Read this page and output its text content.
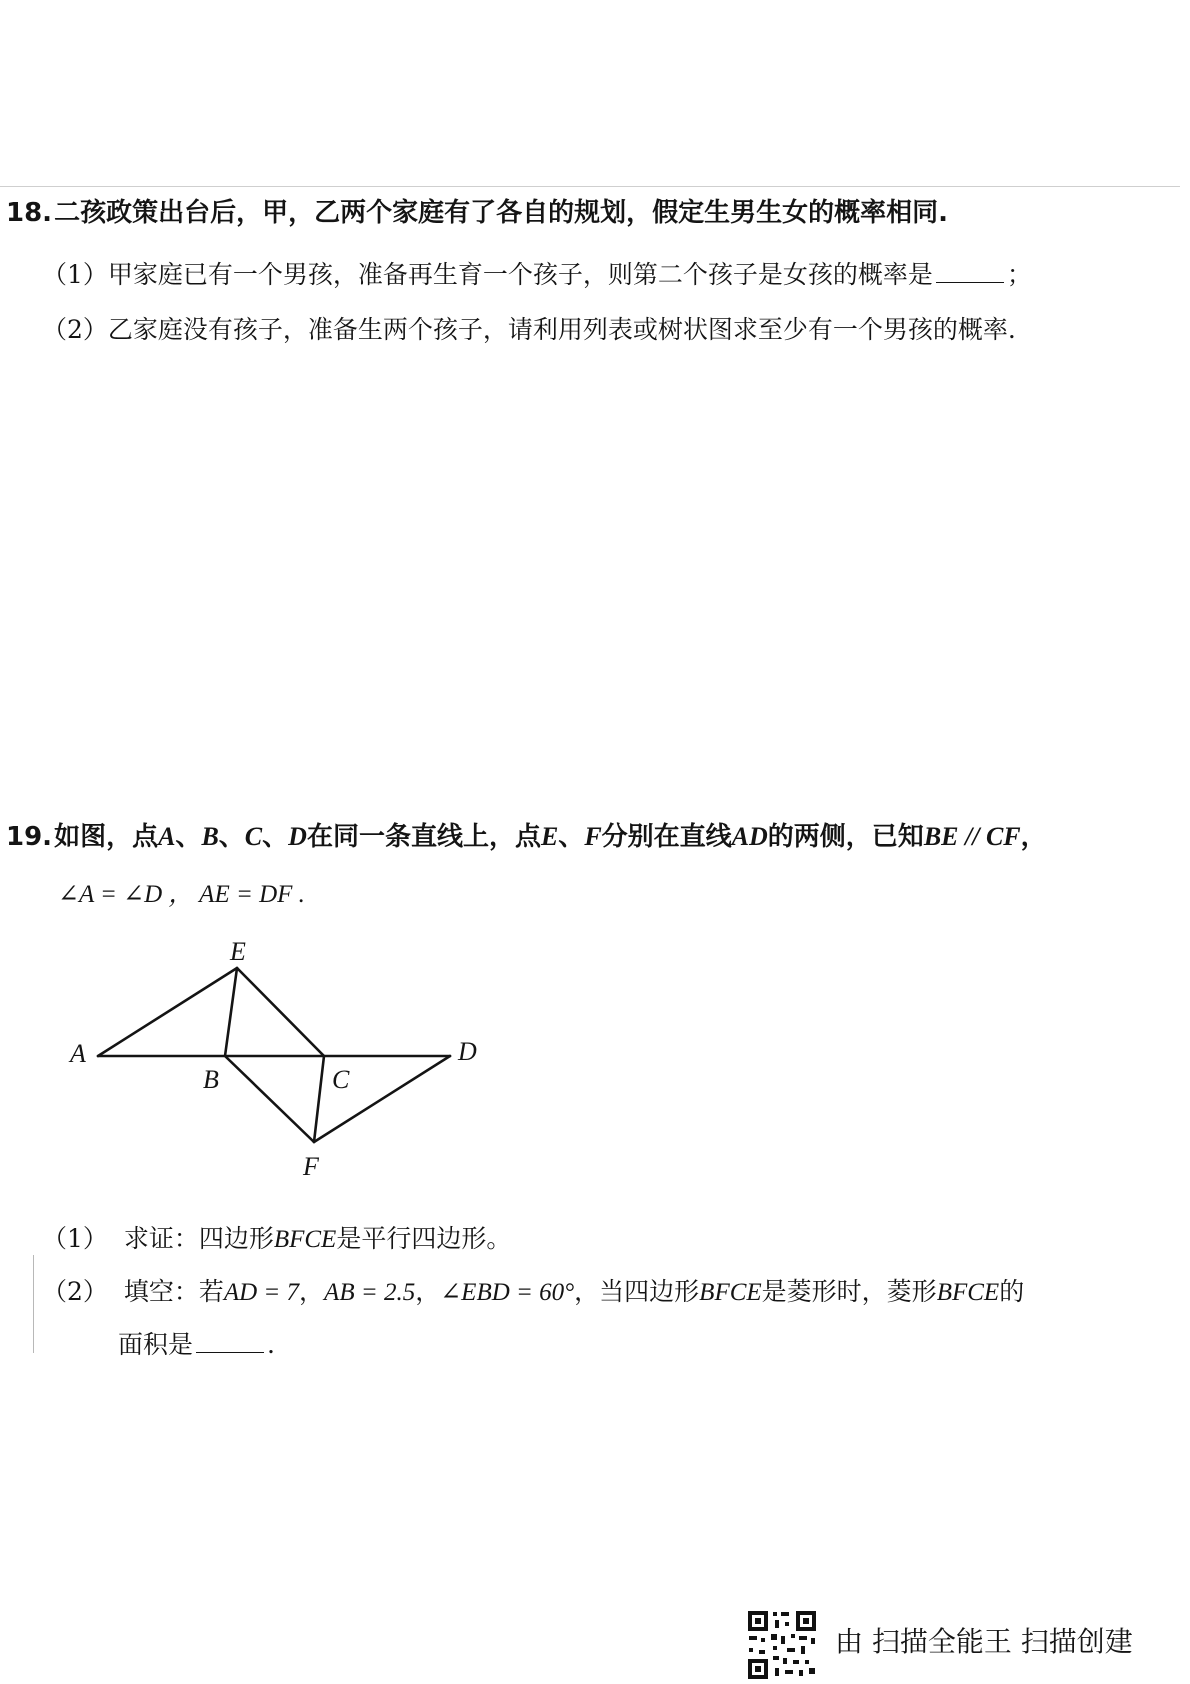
18.二孩政策出台后，甲，乙两个家庭有了各自的规划，假定生男生女的概率相同.
（1）甲家庭已有一个男孩，准备再生育一个孩子，则第二个孩子是女孩的概率是	；
（2）乙家庭没有孩子，准备生两个孩子，请利用列表或树状图求至少有一个男孩的概率.
19.如图，点A、B、C、D在同一条直线上，点E、F分别在直线AD的两侧，已知BE // CF，
∠A = ∠D ， AE = DF .
A
B	C
D
E
F
（1） 求证：四边形BFCE是平行四边形。
（2） 填空：若AD = 7，AB = 2.5，∠EBD = 60°，当四边形BFCE是菱形时，菱形BFCE的
面积是	.
由 扫描全能王 扫描创建
